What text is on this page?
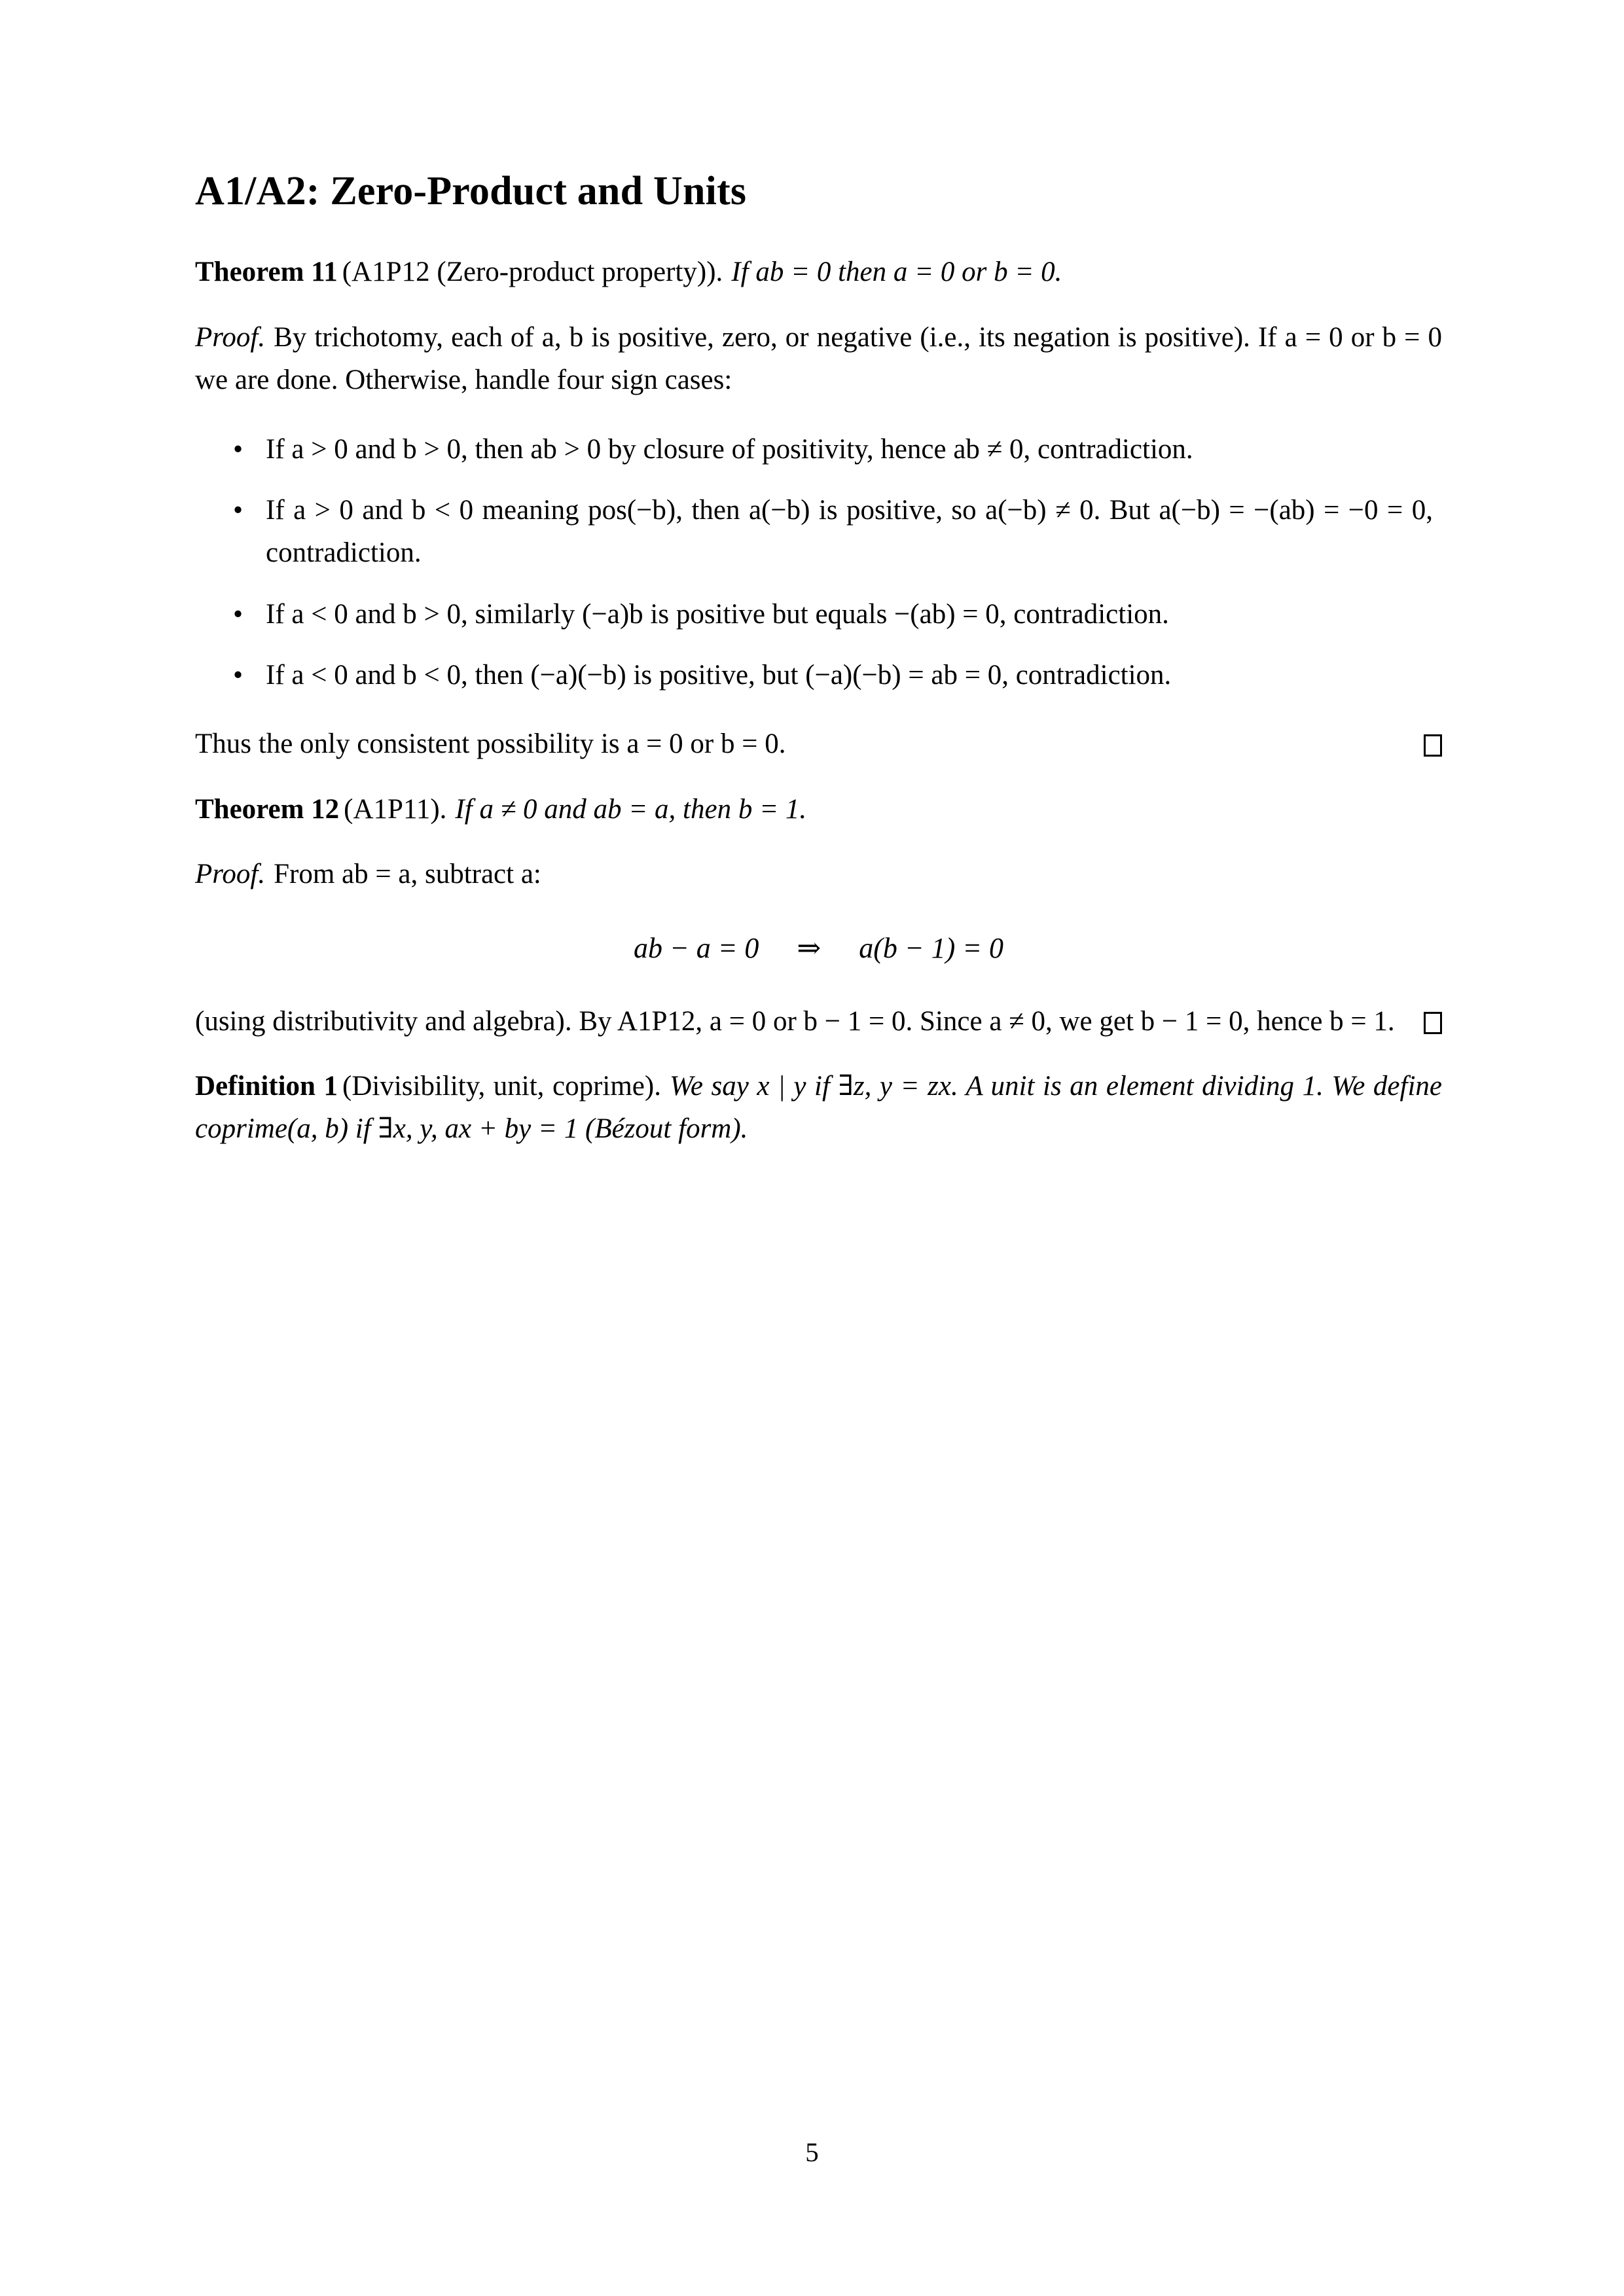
A1/A2: Zero-Product and Units

Theorem 11 (A1P12 (Zero-product property)). If ab = 0 then a = 0 or b = 0.

Proof. By trichotomy, each of a, b is positive, zero, or negative (i.e., its negation is positive). If a = 0 or b = 0 we are done. Otherwise, handle four sign cases:

• If a > 0 and b > 0, then ab > 0 by closure of positivity, hence ab ≠ 0, contradiction.
• If a > 0 and b < 0 meaning pos(−b), then a(−b) is positive, so a(−b) ≠ 0. But a(−b) = −(ab) = −0 = 0, contradiction.
• If a < 0 and b > 0, similarly (−a)b is positive but equals −(ab) = 0, contradiction.
• If a < 0 and b < 0, then (−a)(−b) is positive, but (−a)(−b) = ab = 0, contradiction.

Thus the only consistent possibility is a = 0 or b = 0.

Theorem 12 (A1P11). If a ≠ 0 and ab = a, then b = 1.

Proof. From ab = a, subtract a:

ab − a = 0 ⇒ a(b − 1) = 0

(using distributivity and algebra). By A1P12, a = 0 or b − 1 = 0. Since a ≠ 0, we get b − 1 = 0, hence b = 1.

Definition 1 (Divisibility, unit, coprime). We say x | y if ∃z, y = zx. A unit is an element dividing 1. We define coprime(a, b) if ∃x, y, ax + by = 1 (Bézout form).

5
